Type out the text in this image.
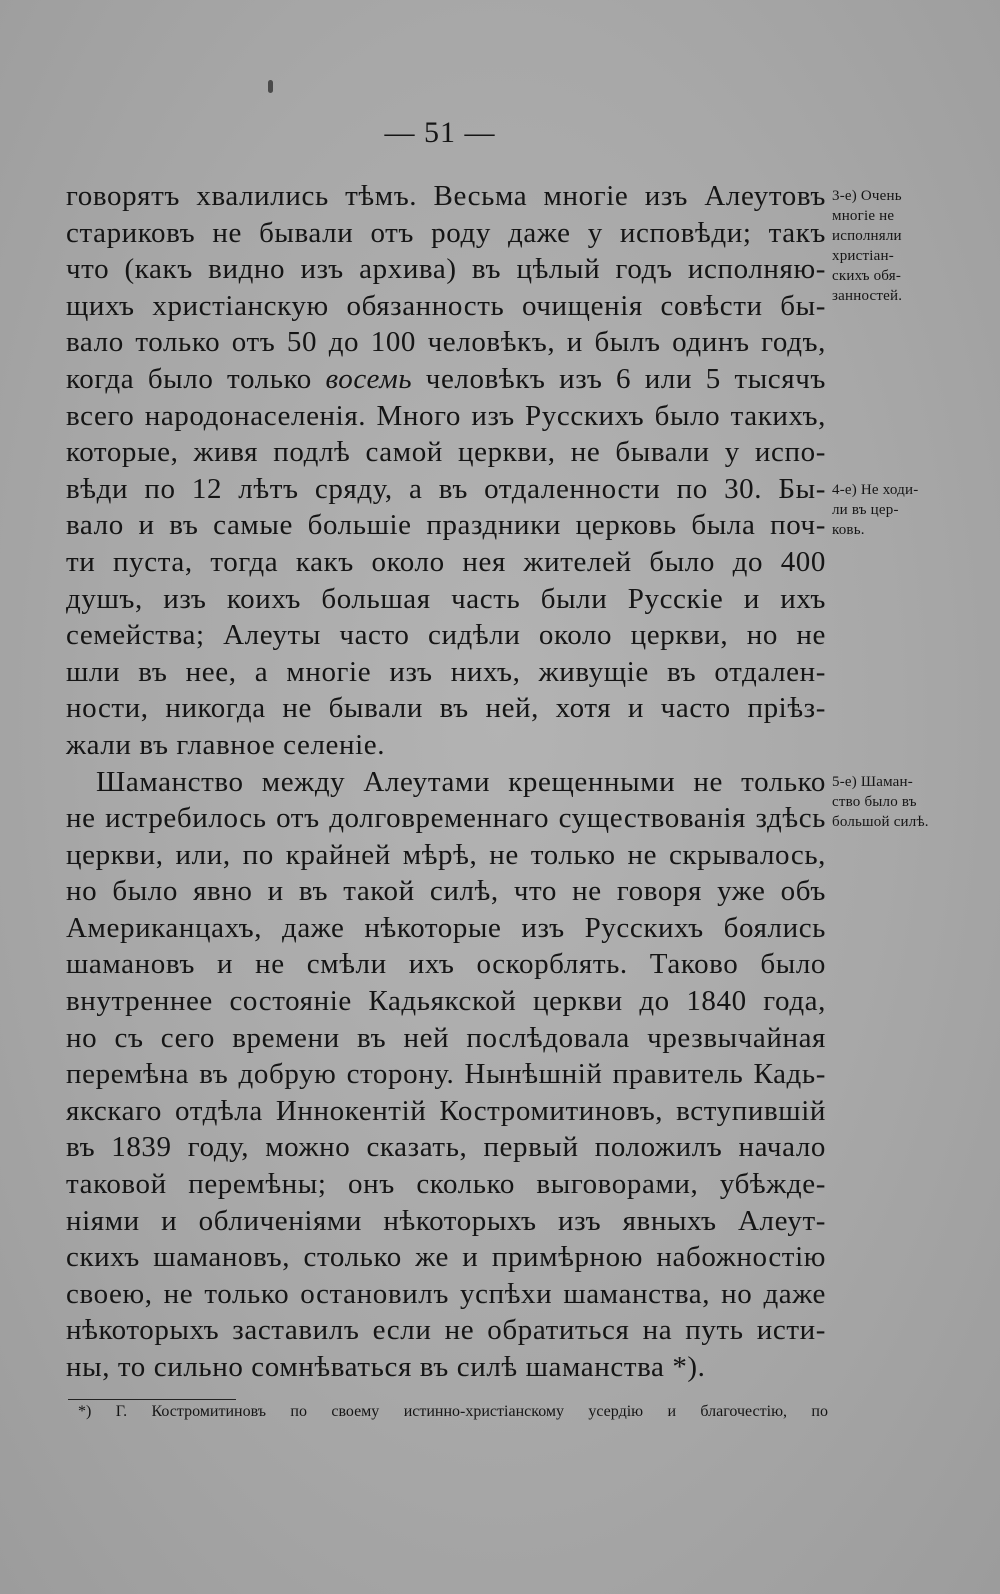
— 51 —
говорятъ хвалились тѣмъ. Весьма многіе изъ Алеутовъ
стариковъ не бывали отъ роду даже у исповѣди; такъ
что (какъ видно изъ архива) въ цѣлый годъ исполняю-
щихъ христіанскую обязанность очищенія совѣсти бы-
вало только отъ 50 до 100 человѣкъ, и былъ одинъ годъ,
когда было только восемь человѣкъ изъ 6 или 5 тысячъ
всего народонаселенія. Много изъ Русскихъ было такихъ,
которые, живя подлѣ самой церкви, не бывали у испо-
вѣди по 12 лѣтъ сряду, а въ отдаленности по 30. Бы-
вало и въ самые большіе праздники церковь была поч-
ти пуста, тогда какъ около нея жителей было до 400
душъ, изъ коихъ большая часть были Русскіе и ихъ
семейства; Алеуты часто сидѣли около церкви, но не
шли въ нее, а многіе изъ нихъ, живущіе въ отдален-
ности, никогда не бывали въ ней, хотя и часто пріѣз-
жали въ главное селеніе.
Шаманство между Алеутами крещенными не только
не истребилось отъ долговременнаго существованія здѣсь
церкви, или, по крайней мѣрѣ, не только не скрывалось,
но было явно и въ такой силѣ, что не говоря уже объ
Американцахъ, даже нѣкоторые изъ Русскихъ боялись
шамановъ и не смѣли ихъ оскорблять. Таково было
внутреннее состояніе Кадьякской церкви до 1840 года,
но съ сего времени въ ней послѣдовала чрезвычайная
перемѣна въ добрую сторону. Нынѣшній правитель Кадь-
якскаго отдѣла Иннокентій Костромитиновъ, вступившій
въ 1839 году, можно сказать, первый положилъ начало
таковой перемѣны; онъ сколько выговорами, убѣжде-
ніями и обличеніями нѣкоторыхъ изъ явныхъ Алеут-
скихъ шамановъ, столько же и примѣрною набожностію
своею, не только остановилъ успѣхи шаманства, но даже
нѣкоторыхъ заставилъ если не обратиться на путь исти-
ны, то сильно сомнѣваться въ силѣ шаманства *).
3-е) Очень
многіе не
исполняли
христіан-
скихъ обя-
занностей.
4-е) Не ходи-
ли въ цер-
ковь.
5-е) Шаман-
ство было въ
большой силѣ.
*) Г. Костромитиновъ по своему истинно-христіанскому усердію и благочестію, по
